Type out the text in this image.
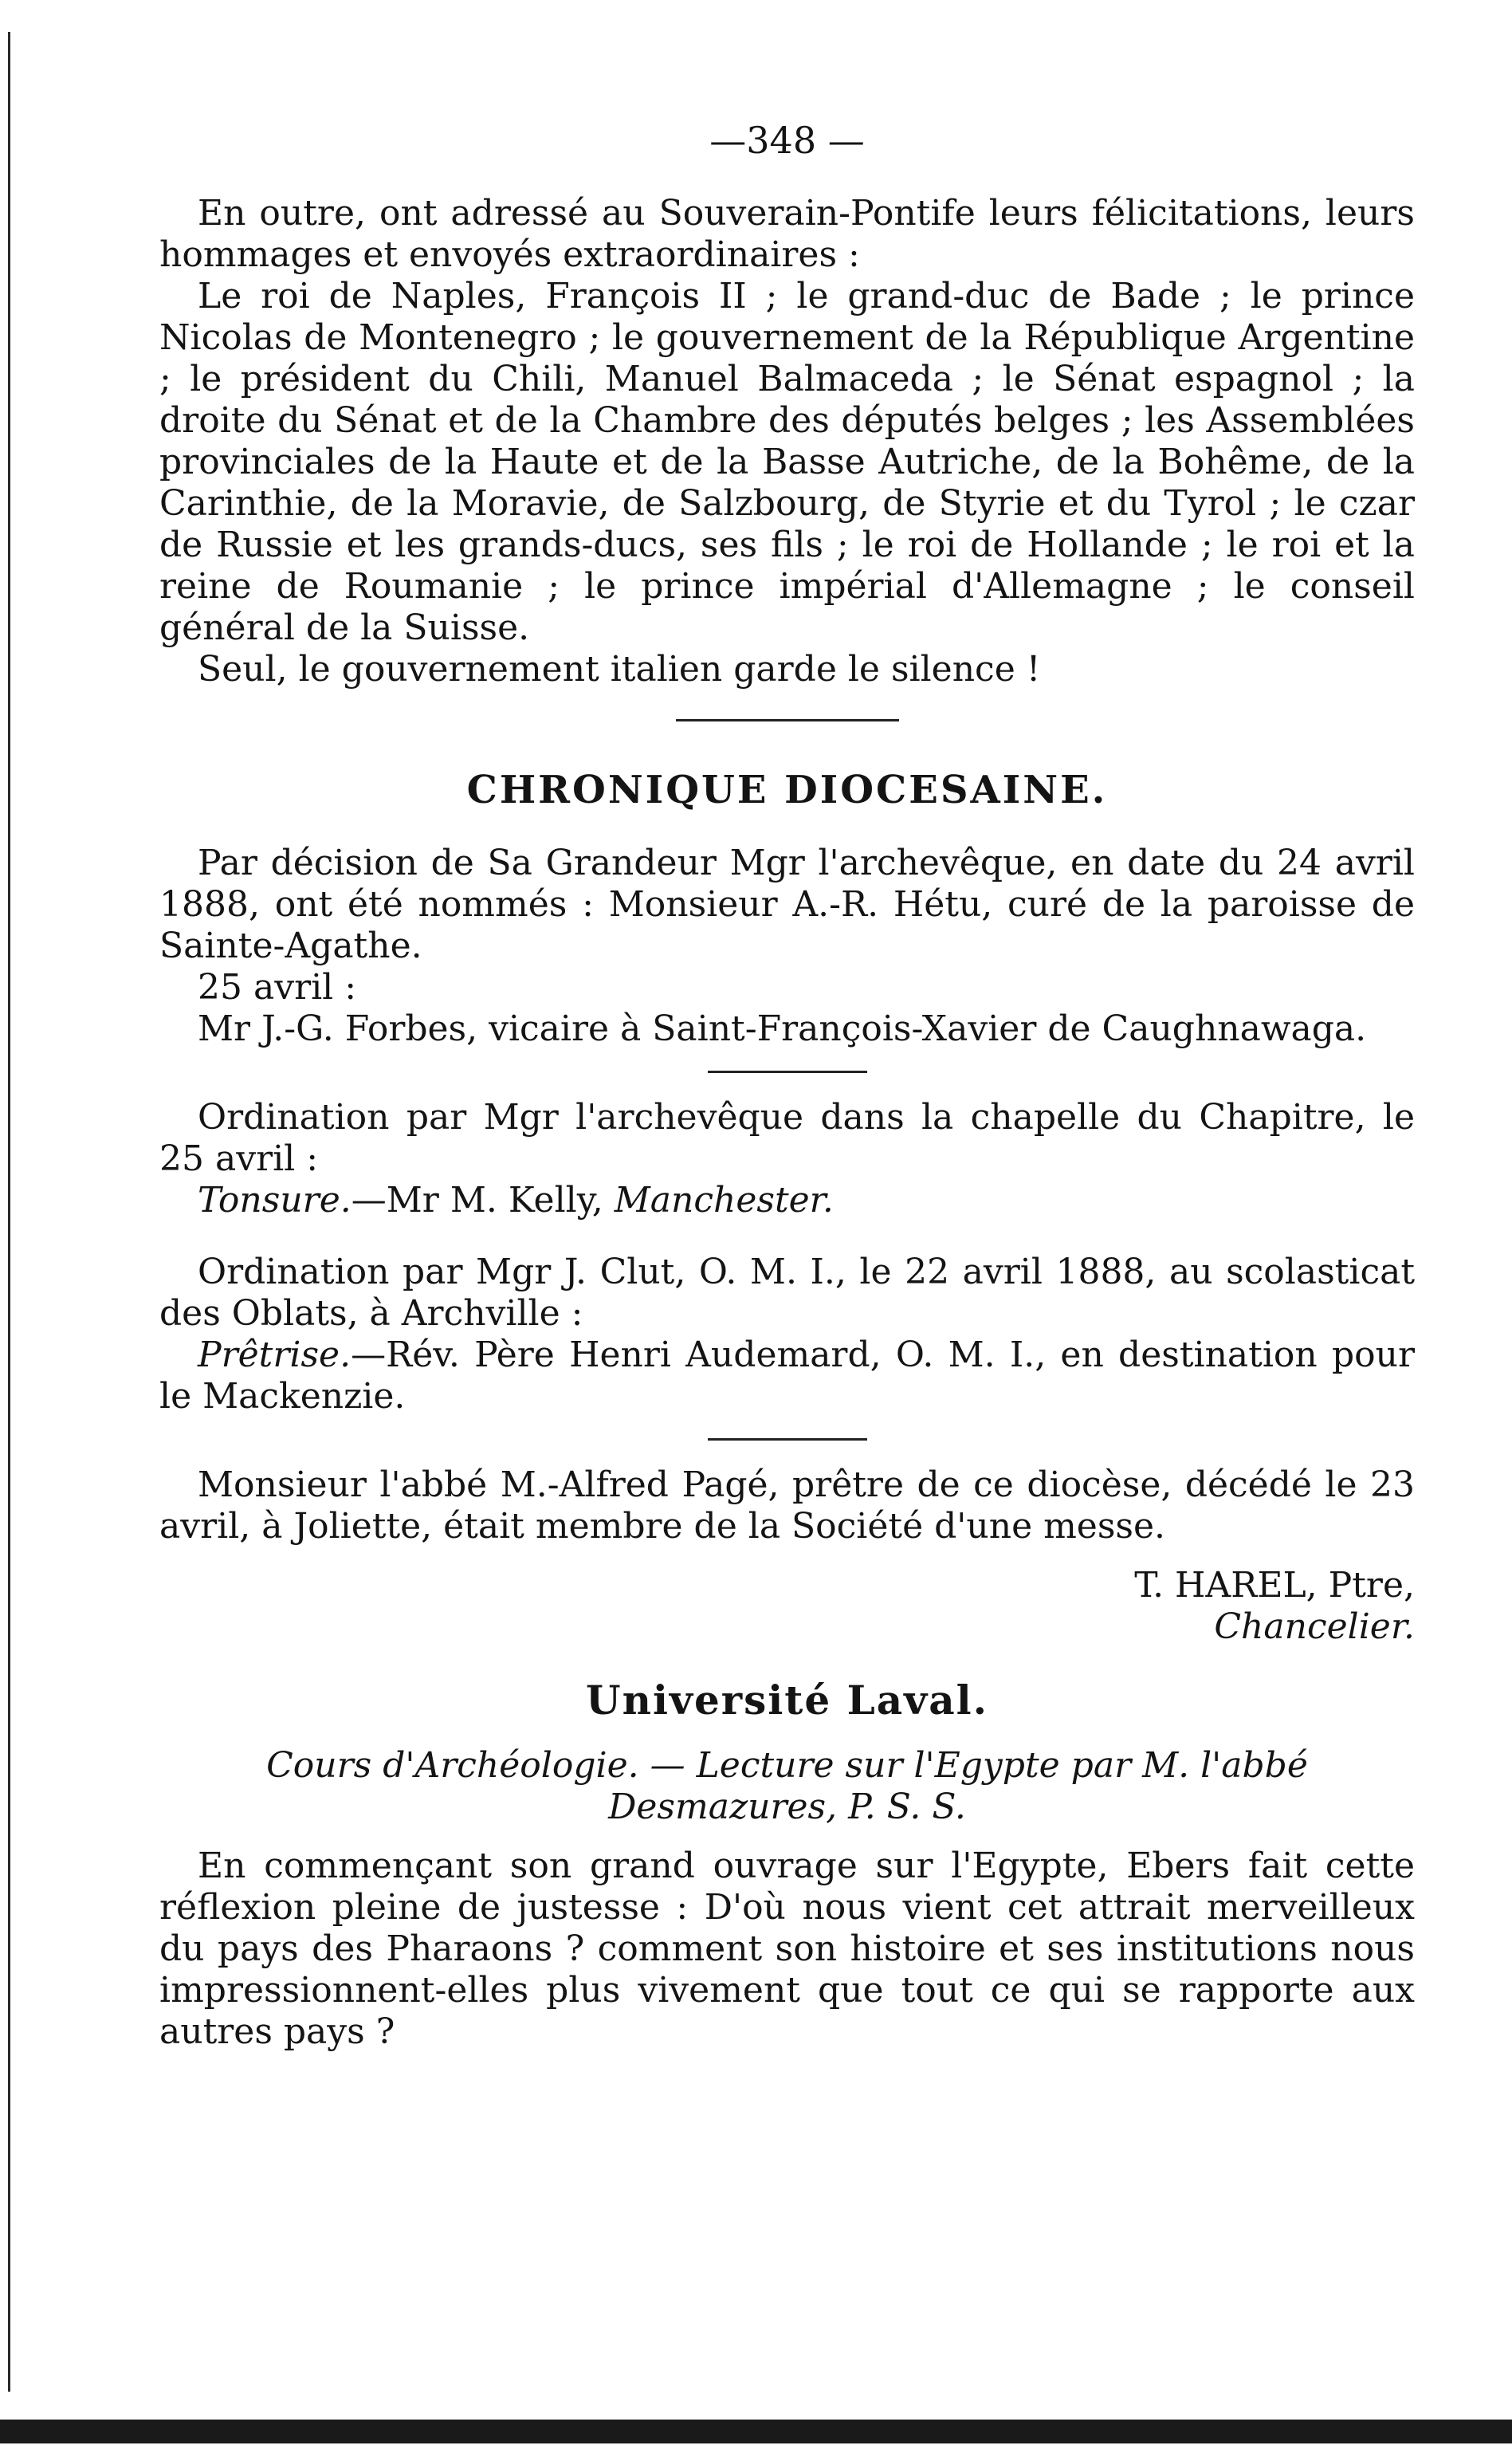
—348 —

En outre, ont adressé au Souverain-Pontife leurs félicitations, leurs hommages et envoyés extraordinaires :

Le roi de Naples, François II ; le grand-duc de Bade ; le prince Nicolas de Montenegro ; le gouvernement de la République Argentine ; le président du Chili, Manuel Balmaceda ; le Sénat espagnol ; la droite du Sénat et de la Chambre des députés belges ; les Assemblées provinciales de la Haute et de la Basse Autriche, de la Bohême, de la Carinthie, de la Moravie, de Salzbourg, de Styrie et du Tyrol ; le czar de Russie et les grands-ducs, ses fils ; le roi de Hollande ; le roi et la reine de Roumanie ; le prince impérial d'Allemagne ; le conseil général de la Suisse.

Seul, le gouvernement italien garde le silence !

CHRONIQUE DIOCESAINE.

Par décision de Sa Grandeur Mgr l'archevêque, en date du 24 avril 1888, ont été nommés : Monsieur A.-R. Hétu, curé de la paroisse de Sainte-Agathe.

25 avril :

Mr J.-G. Forbes, vicaire à Saint-François-Xavier de Caughnawaga.

Ordination par Mgr l'archevêque dans la chapelle du Chapitre, le 25 avril :

Tonsure.—Mr M. Kelly, Manchester.

Ordination par Mgr J. Clut, O. M. I., le 22 avril 1888, au scolasticat des Oblats, à Archville :

Prêtrise.—Rév. Père Henri Audemard, O. M. I., en destination pour le Mackenzie.

Monsieur l'abbé M.-Alfred Pagé, prêtre de ce diocèse, décédé le 23 avril, à Joliette, était membre de la Société d'une messe.

T. HAREL, Ptre,

Chancelier.

Université Laval.

Cours d'Archéologie. — Lecture sur l'Egypte par M. l'abbé

Desmazures, P. S. S.

En commençant son grand ouvrage sur l'Egypte, Ebers fait cette réflexion pleine de justesse : D'où nous vient cet attrait merveilleux du pays des Pharaons ? comment son histoire et ses institutions nous impressionnent-elles plus vivement que tout ce qui se rapporte aux autres pays ?
